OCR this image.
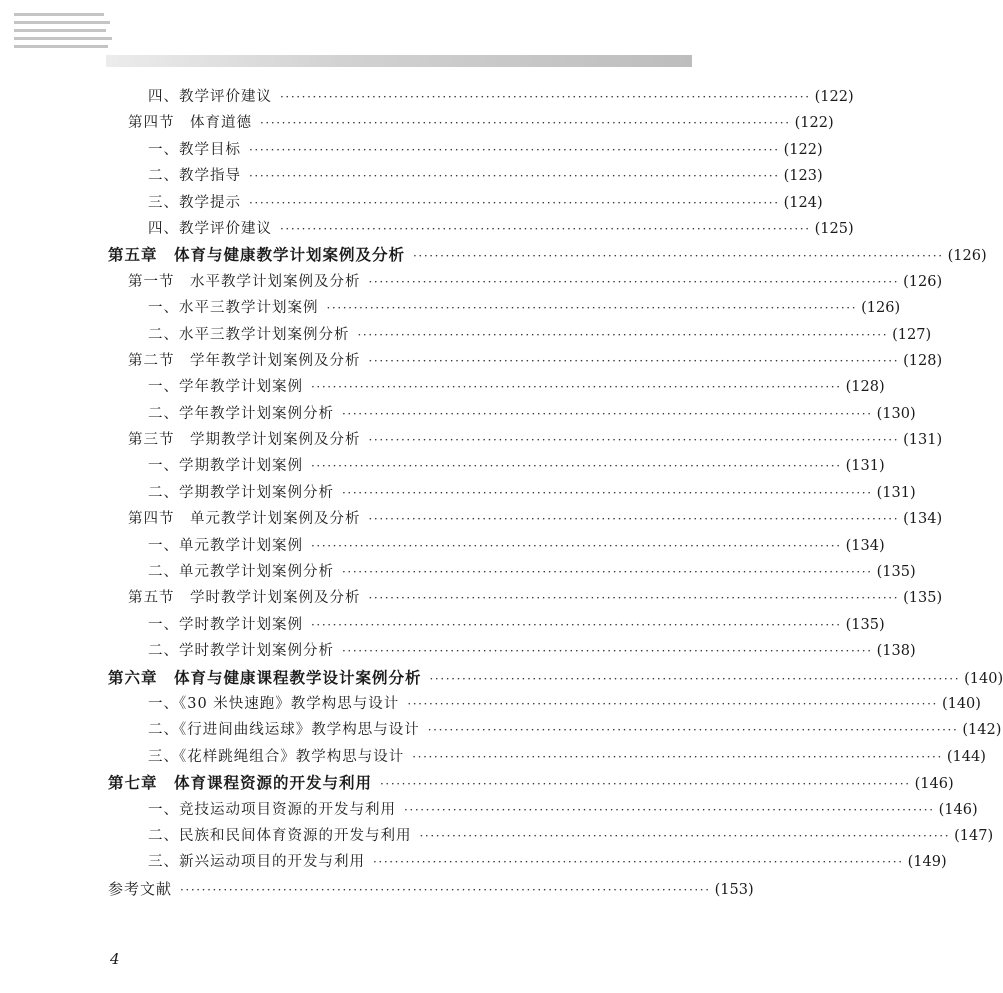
四、教学评价建议 ·································································································· (122)
第四节　体育道德 ·································································································· (122)
一、教学目标 ·································································································· (122)
二、教学指导 ·································································································· (123)
三、教学提示 ·································································································· (124)
四、教学评价建议 ·································································································· (125)
第五章　体育与健康教学计划案例及分析 ·································································································· (126)
第一节　水平教学计划案例及分析 ·································································································· (126)
一、水平三教学计划案例 ·································································································· (126)
二、水平三教学计划案例分析 ·································································································· (127)
第二节　学年教学计划案例及分析 ·································································································· (128)
一、学年教学计划案例 ·································································································· (128)
二、学年教学计划案例分析 ·································································································· (130)
第三节　学期教学计划案例及分析 ·································································································· (131)
一、学期教学计划案例 ·································································································· (131)
二、学期教学计划案例分析 ·································································································· (131)
第四节　单元教学计划案例及分析 ·································································································· (134)
一、单元教学计划案例 ·································································································· (134)
二、单元教学计划案例分析 ·································································································· (135)
第五节　学时教学计划案例及分析 ·································································································· (135)
一、学时教学计划案例 ·································································································· (135)
二、学时教学计划案例分析 ·································································································· (138)
第六章　体育与健康课程教学设计案例分析 ·································································································· (140)
一、《30 米快速跑》教学构思与设计 ·································································································· (140)
二、《行进间曲线运球》教学构思与设计 ·································································································· (142)
三、《花样跳绳组合》教学构思与设计 ·································································································· (144)
第七章　体育课程资源的开发与利用 ·································································································· (146)
一、竞技运动项目资源的开发与利用 ·································································································· (146)
二、民族和民间体育资源的开发与利用 ·································································································· (147)
三、新兴运动项目的开发与利用 ·································································································· (149)
参考文献 ·································································································· (153)
4
